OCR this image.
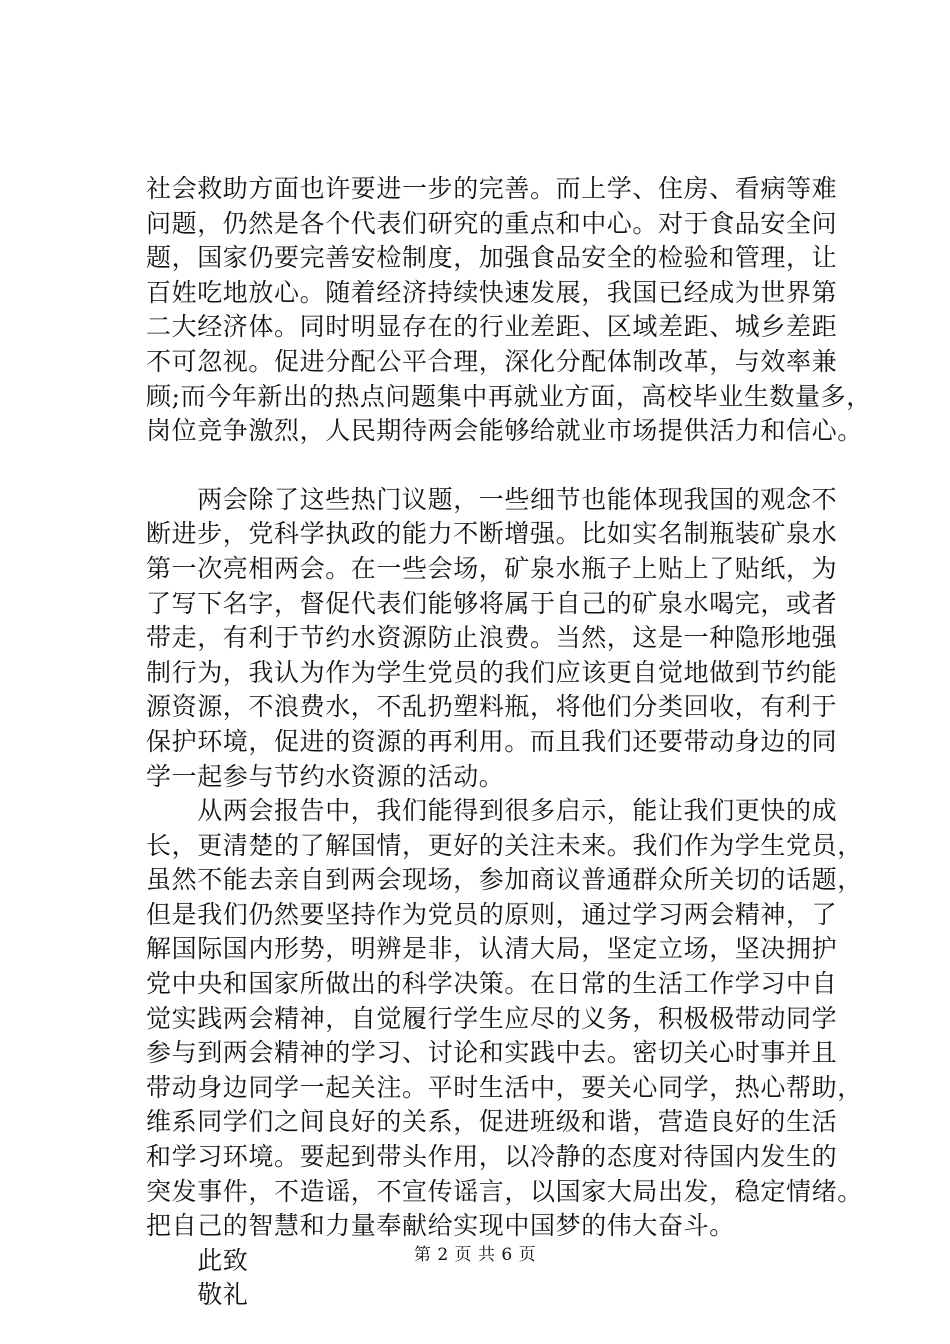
社会救助方面也许要进一步的完善。而上学、住房、看病等难
问题，仍然是各个代表们研究的重点和中心。对于食品安全问
题，国家仍要完善安检制度，加强食品安全的检验和管理，让
百姓吃地放心。随着经济持续快速发展，我国已经成为世界第
二大经济体。同时明显存在的行业差距、区域差距、城乡差距
不可忽视。促进分配公平合理，深化分配体制改革，与效率兼
顾;而今年新出的热点问题集中再就业方面，高校毕业生数量多，
岗位竞争激烈，人民期待两会能够给就业市场提供活力和信心。
　　两会除了这些热门议题，一些细节也能体现我国的观念不
断进步，党科学执政的能力不断增强。比如实名制瓶装矿泉水
第一次亮相两会。在一些会场，矿泉水瓶子上贴上了贴纸，为
了写下名字，督促代表们能够将属于自己的矿泉水喝完，或者
带走，有利于节约水资源防止浪费。当然，这是一种隐形地强
制行为，我认为作为学生党员的我们应该更自觉地做到节约能
源资源，不浪费水，不乱扔塑料瓶，将他们分类回收，有利于
保护环境，促进的资源的再利用。而且我们还要带动身边的同
学一起参与节约水资源的活动。
　　从两会报告中，我们能得到很多启示，能让我们更快的成
长，更清楚的了解国情，更好的关注未来。我们作为学生党员，
虽然不能去亲自到两会现场，参加商议普通群众所关切的话题，
但是我们仍然要坚持作为党员的原则，通过学习两会精神，了
解国际国内形势，明辨是非，认清大局，坚定立场，坚决拥护
党中央和国家所做出的科学决策。在日常的生活工作学习中自
觉实践两会精神，自觉履行学生应尽的义务，积极极带动同学
参与到两会精神的学习、讨论和实践中去。密切关心时事并且
带动身边同学一起关注。平时生活中，要关心同学，热心帮助，
维系同学们之间良好的关系，促进班级和谐，营造良好的生活
和学习环境。要起到带头作用，以冷静的态度对待国内发生的
突发事件，不造谣，不宣传谣言，以国家大局出发，稳定情绪。
把自己的智慧和力量奉献给实现中国梦的伟大奋斗。
　　此致
　　敬礼
第 2 页 共 6 页
